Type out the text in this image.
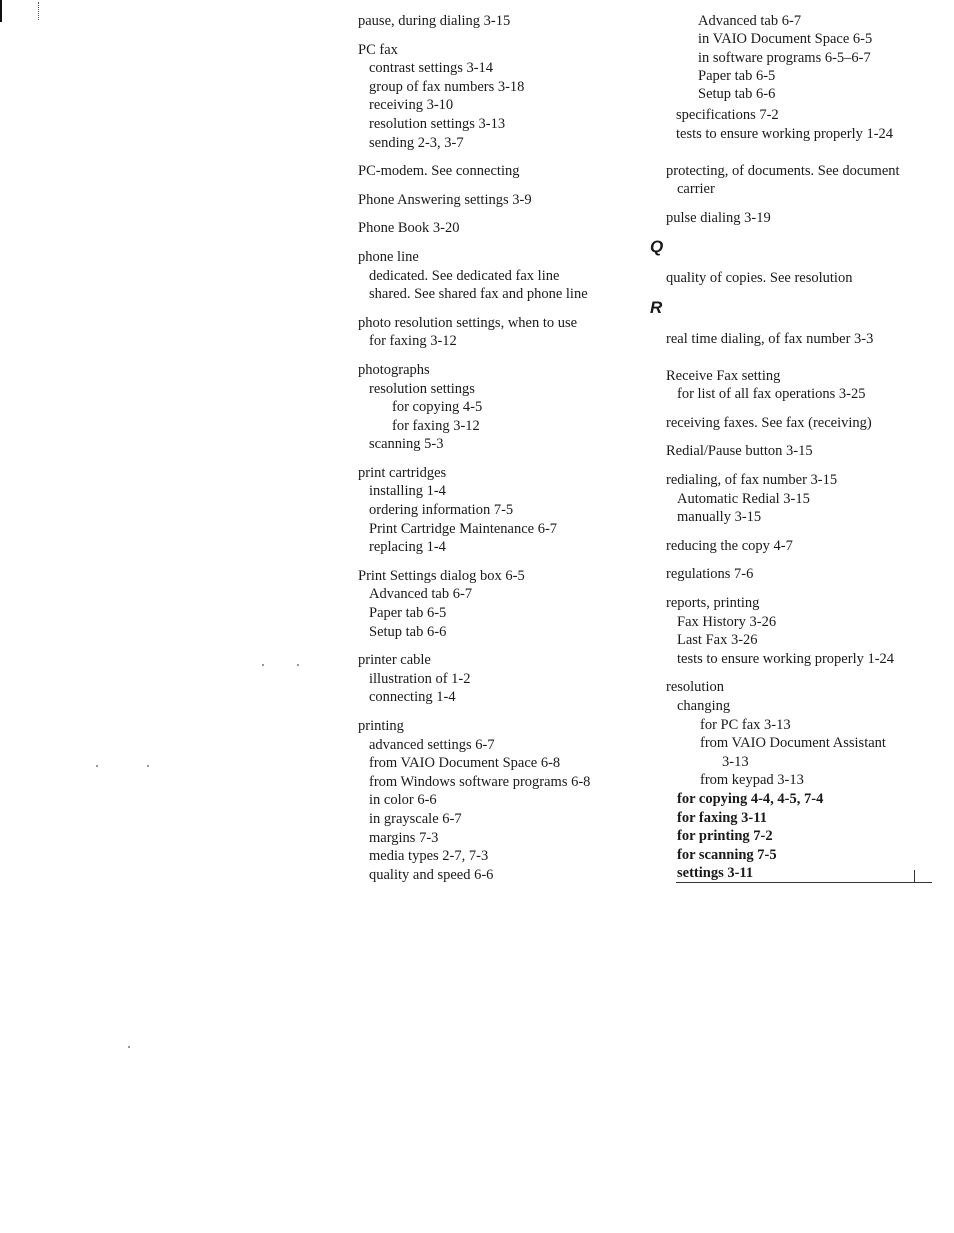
pause, during dialing 3-15
PC fax
contrast settings 3-14
group of fax numbers 3-18
receiving 3-10
resolution settings 3-13
sending 2-3, 3-7
PC-modem. See connecting
Phone Answering settings 3-9
Phone Book 3-20
phone line
dedicated. See dedicated fax line
shared. See shared fax and phone line
photo resolution settings, when to use
for faxing 3-12
photographs
resolution settings
for copying 4-5
for faxing 3-12
scanning 5-3
print cartridges
installing 1-4
ordering information 7-5
Print Cartridge Maintenance 6-7
replacing 1-4
Print Settings dialog box 6-5
Advanced tab 6-7
Paper tab 6-5
Setup tab 6-6
printer cable
illustration of 1-2
connecting 1-4
printing
advanced settings 6-7
from VAIO Document Space 6-8
from Windows software programs 6-8
in color 6-6
in grayscale 6-7
margins 7-3
media types 2-7, 7-3
quality and speed 6-6
Advanced tab 6-7
in VAIO Document Space 6-5
in software programs 6-5–6-7
Paper tab 6-5
Setup tab 6-6
specifications 7-2
tests to ensure working properly 1-24
protecting, of documents. See document
carrier
pulse dialing 3-19
Q
quality of copies. See resolution
R
real time dialing, of fax number 3-3
Receive Fax setting
for list of all fax operations 3-25
receiving faxes. See fax (receiving)
Redial/Pause button 3-15
redialing, of fax number 3-15
Automatic Redial 3-15
manually 3-15
reducing the copy 4-7
regulations 7-6
reports, printing
Fax History 3-26
Last Fax 3-26
tests to ensure working properly 1-24
resolution
changing
for PC fax 3-13
from VAIO Document Assistant
3-13
from keypad 3-13
for copying 4-4, 4-5, 7-4
for faxing 3-11
for printing 7-2
for scanning 7-5
settings 3-11
